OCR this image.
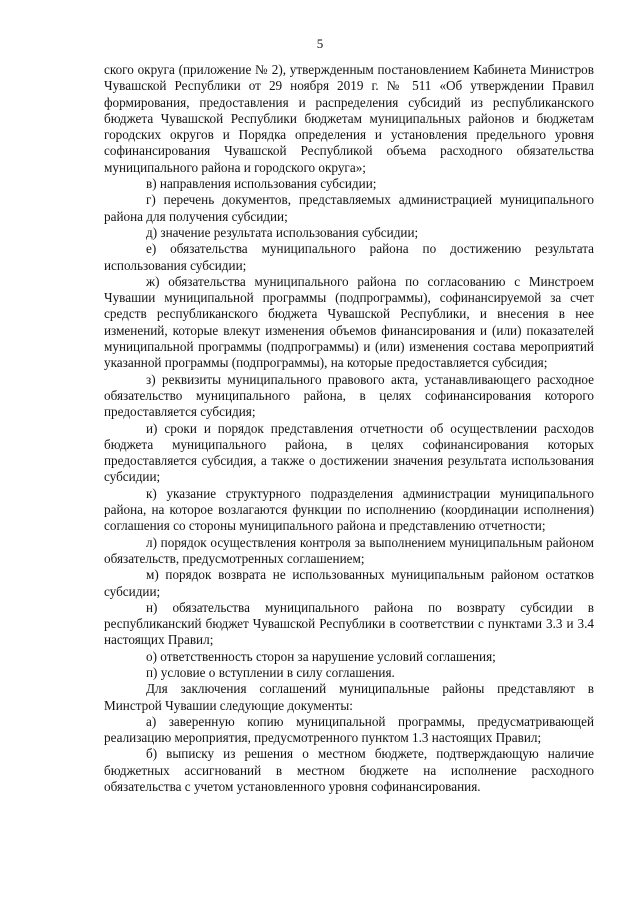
5

ского округа (приложение № 2), утвержденным постановлением Кабинета Министров Чувашской Республики от 29 ноября 2019 г. № 511 «Об утверждении Правил формирования, предоставления и распределения субсидий из республиканского бюджета Чувашской Республики бюджетам муниципальных районов и бюджетам городских округов и Порядка определения и установления предельного уровня софинансирования Чувашской Республикой объема расходного обязательства муниципального района и городского округа»;

в) направления использования субсидии;

г) перечень документов, представляемых администрацией муниципального района для получения субсидии;

д) значение результата использования субсидии;

е) обязательства муниципального района по достижению результата использования субсидии;

ж) обязательства муниципального района по согласованию с Минстроем Чувашии муниципальной программы (подпрограммы), софинансируемой за счет средств республиканского бюджета Чувашской Республики, и внесения в нее изменений, которые влекут изменения объемов финансирования и (или) показателей муниципальной программы (подпрограммы) и (или) изменения состава мероприятий указанной программы (подпрограммы), на которые предоставляется субсидия;

з) реквизиты муниципального правового акта, устанавливающего расходное обязательство муниципального района, в целях софинансирования которого предоставляется субсидия;

и) сроки и порядок представления отчетности об осуществлении расходов бюджета муниципального района, в целях софинансирования которых предоставляется субсидия, а также о достижении значения результата использования субсидии;

к) указание структурного подразделения администрации муниципального района, на которое возлагаются функции по исполнению (координации исполнения) соглашения со стороны муниципального района и представлению отчетности;

л) порядок осуществления контроля за выполнением муниципальным районом обязательств, предусмотренных соглашением;

м) порядок возврата не использованных муниципальным районом остатков субсидии;

н) обязательства муниципального района по возврату субсидии в республиканский бюджет Чувашской Республики в соответствии с пунктами 3.3 и 3.4 настоящих Правил;

о) ответственность сторон за нарушение условий соглашения;

п) условие о вступлении в силу соглашения.

Для заключения соглашений муниципальные районы представляют в Минстрой Чувашии следующие документы:

а) заверенную копию муниципальной программы, предусматривающей реализацию мероприятия, предусмотренного пунктом 1.3 настоящих Правил;

б) выписку из решения о местном бюджете, подтверждающую наличие бюджетных ассигнований в местном бюджете на исполнение расходного обязательства с учетом установленного уровня софинансирования.
